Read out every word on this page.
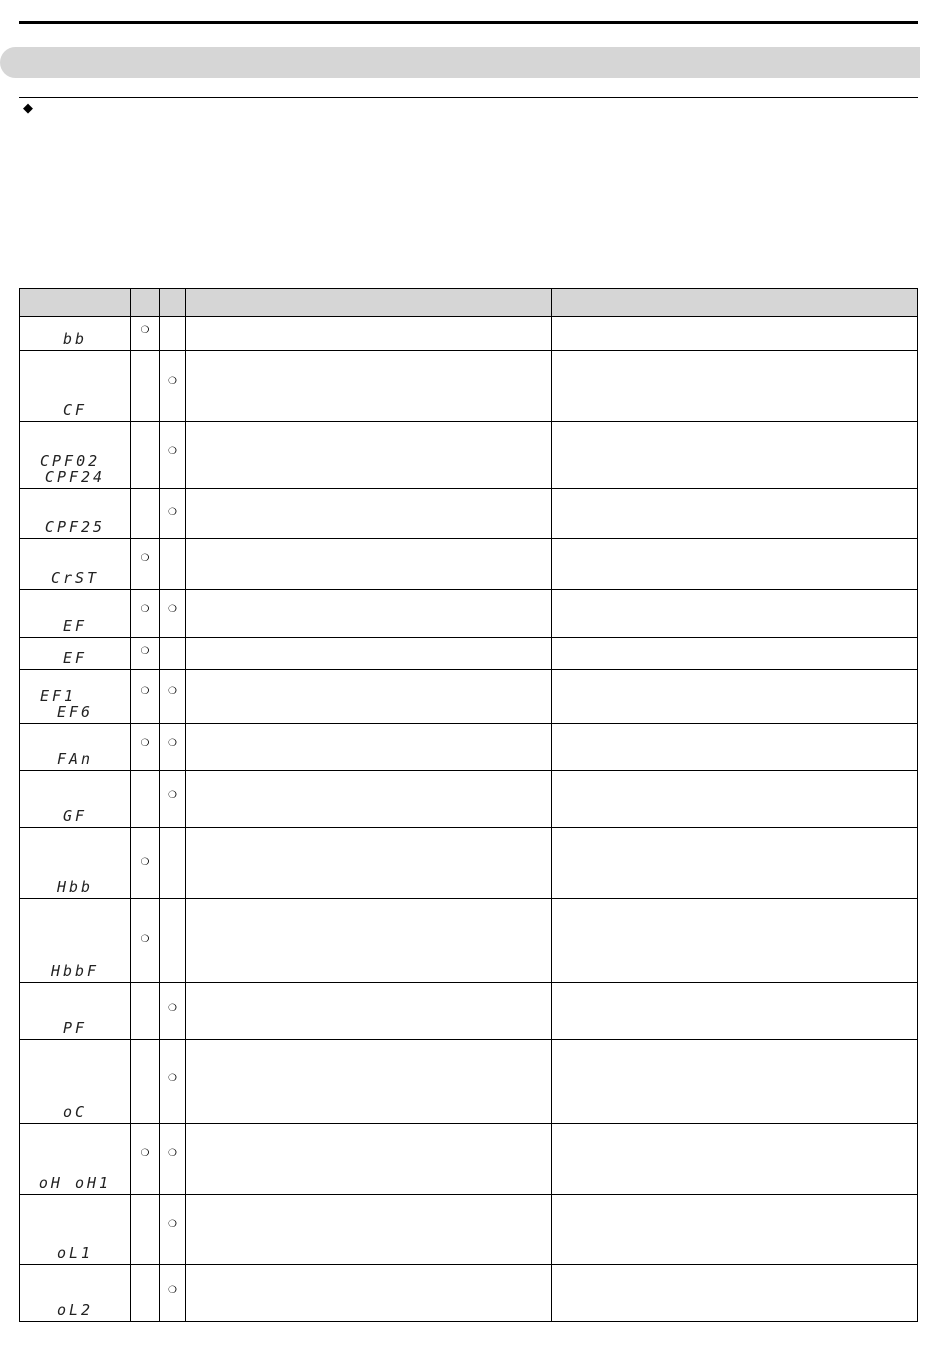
◆

bb	❍			

CF		❍		

CPF02
CPF24		❍		

CPF25		❍		

CrST	❍			

EF	❍	❍		

EF	❍			

EF1
EF6	❍	❍		

FAn	❍	❍		

GF		❍		

Hbb	❍			

HbbF	❍			

PF		❍		

oC		❍		

oH oH1	❍	❍		

oL1		❍		

oL2		❍		
